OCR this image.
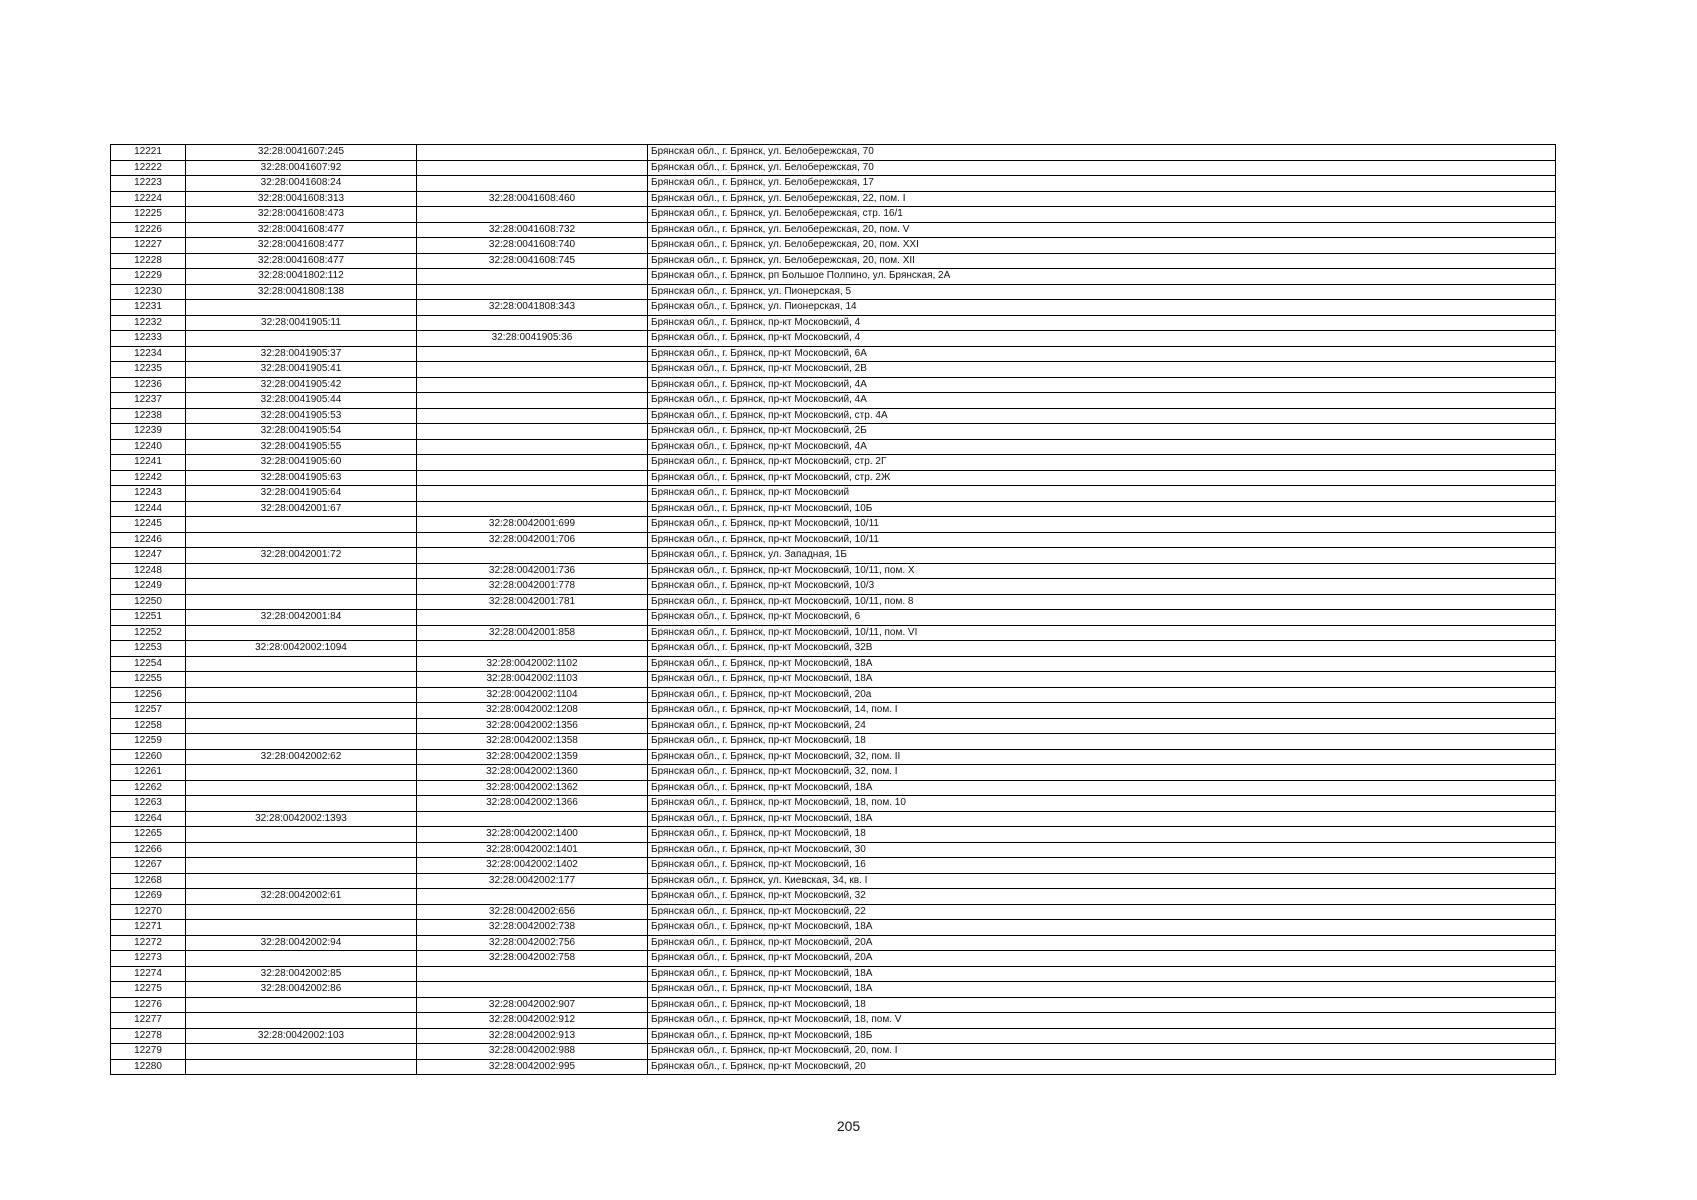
12221	32:28:0041607:245		Брянская обл., г. Брянск, ул. Белобережская, 70
12222	32:28:0041607:92		Брянская обл., г. Брянск, ул. Белобережская, 70
12223	32:28:0041608:24		Брянская обл., г. Брянск, ул. Белобережская, 17
12224	32:28:0041608:313	32:28:0041608:460	Брянская обл., г. Брянск, ул. Белобережская, 22, пом. I
12225	32:28:0041608:473		Брянская обл., г. Брянск, ул. Белобережская, стр. 16/1
12226	32:28:0041608:477	32:28:0041608:732	Брянская обл., г. Брянск, ул. Белобережская, 20, пом. V
12227	32:28:0041608:477	32:28:0041608:740	Брянская обл., г. Брянск, ул. Белобережская, 20, пом. XXI
12228	32:28:0041608:477	32:28:0041608:745	Брянская обл., г. Брянск, ул. Белобережская, 20, пом. XII
12229	32:28:0041802:112		Брянская обл., г. Брянск, рп Большое Полпино, ул. Брянская, 2А
12230	32:28:0041808:138		Брянская обл., г. Брянск, ул. Пионерская, 5
12231		32:28:0041808:343	Брянская обл., г. Брянск, ул. Пионерская, 14
12232	32:28:0041905:11		Брянская обл., г. Брянск, пр-кт Московский, 4
12233		32:28:0041905:36	Брянская обл., г. Брянск, пр-кт Московский, 4
12234	32:28:0041905:37		Брянская обл., г. Брянск, пр-кт Московский, 6А
12235	32:28:0041905:41		Брянская обл., г. Брянск, пр-кт Московский, 2В
12236	32:28:0041905:42		Брянская обл., г. Брянск, пр-кт Московский, 4А
12237	32:28:0041905:44		Брянская обл., г. Брянск, пр-кт Московский, 4А
12238	32:28:0041905:53		Брянская обл., г. Брянск, пр-кт Московский, стр. 4А
12239	32:28:0041905:54		Брянская обл., г. Брянск, пр-кт Московский, 2Б
12240	32:28:0041905:55		Брянская обл., г. Брянск, пр-кт Московский, 4А
12241	32:28:0041905:60		Брянская обл., г. Брянск, пр-кт Московский, стр. 2Г
12242	32:28:0041905:63		Брянская обл., г. Брянск, пр-кт Московский, стр. 2Ж
12243	32:28:0041905:64		Брянская обл., г. Брянск, пр-кт Московский
12244	32:28:0042001:67		Брянская обл., г. Брянск, пр-кт Московский, 10Б
12245		32:28:0042001:699	Брянская обл., г. Брянск, пр-кт Московский, 10/11
12246		32:28:0042001:706	Брянская обл., г. Брянск, пр-кт Московский, 10/11
12247	32:28:0042001:72		Брянская обл., г. Брянск, ул. Западная, 1Б
12248		32:28:0042001:736	Брянская обл., г. Брянск, пр-кт Московский, 10/11, пом. X
12249		32:28:0042001:778	Брянская обл., г. Брянск, пр-кт Московский, 10/3
12250		32:28:0042001:781	Брянская обл., г. Брянск, пр-кт Московский, 10/11, пом. 8
12251	32:28:0042001:84		Брянская обл., г. Брянск, пр-кт Московский, 6
12252		32:28:0042001:858	Брянская обл., г. Брянск, пр-кт Московский, 10/11, пом. VI
12253	32:28:0042002:1094		Брянская обл., г. Брянск, пр-кт Московский, 32В
12254		32:28:0042002:1102	Брянская обл., г. Брянск, пр-кт Московский, 18А
12255		32:28:0042002:1103	Брянская обл., г. Брянск, пр-кт Московский, 18А
12256		32:28:0042002:1104	Брянская обл., г. Брянск, пр-кт Московский, 20а
12257		32:28:0042002:1208	Брянская обл., г. Брянск, пр-кт Московский, 14, пом. I
12258		32:28:0042002:1356	Брянская обл., г. Брянск, пр-кт Московский, 24
12259		32:28:0042002:1358	Брянская обл., г. Брянск, пр-кт Московский, 18
12260	32:28:0042002:62	32:28:0042002:1359	Брянская обл., г. Брянск, пр-кт Московский, 32, пом. II
12261		32:28:0042002:1360	Брянская обл., г. Брянск, пр-кт Московский, 32, пом. I
12262		32:28:0042002:1362	Брянская обл., г. Брянск, пр-кт Московский, 18А
12263		32:28:0042002:1366	Брянская обл., г. Брянск, пр-кт Московский, 18, пом. 10
12264	32:28:0042002:1393		Брянская обл., г. Брянск, пр-кт Московский, 18А
12265		32:28:0042002:1400	Брянская обл., г. Брянск, пр-кт Московский, 18
12266		32:28:0042002:1401	Брянская обл., г. Брянск, пр-кт Московский, 30
12267		32:28:0042002:1402	Брянская обл., г. Брянск, пр-кт Московский, 16
12268		32:28:0042002:177	Брянская обл., г. Брянск, ул. Киевская, 34, кв. I
12269	32:28:0042002:61		Брянская обл., г. Брянск, пр-кт Московский, 32
12270		32:28:0042002:656	Брянская обл., г. Брянск, пр-кт Московский, 22
12271		32:28:0042002:738	Брянская обл., г. Брянск, пр-кт Московский, 18А
12272	32:28:0042002:94	32:28:0042002:756	Брянская обл., г. Брянск, пр-кт Московский, 20А
12273		32:28:0042002:758	Брянская обл., г. Брянск, пр-кт Московский, 20А
12274	32:28:0042002:85		Брянская обл., г. Брянск, пр-кт Московский, 18А
12275	32:28:0042002:86		Брянская обл., г. Брянск, пр-кт Московский, 18А
12276		32:28:0042002:907	Брянская обл., г. Брянск, пр-кт Московский, 18
12277		32:28:0042002:912	Брянская обл., г. Брянск, пр-кт Московский, 18, пом. V
12278	32:28:0042002:103	32:28:0042002:913	Брянская обл., г. Брянск, пр-кт Московский, 18Б
12279		32:28:0042002:988	Брянская обл., г. Брянск, пр-кт Московский, 20, пом. I
12280		32:28:0042002:995	Брянская обл., г. Брянск, пр-кт Московский, 20
205
